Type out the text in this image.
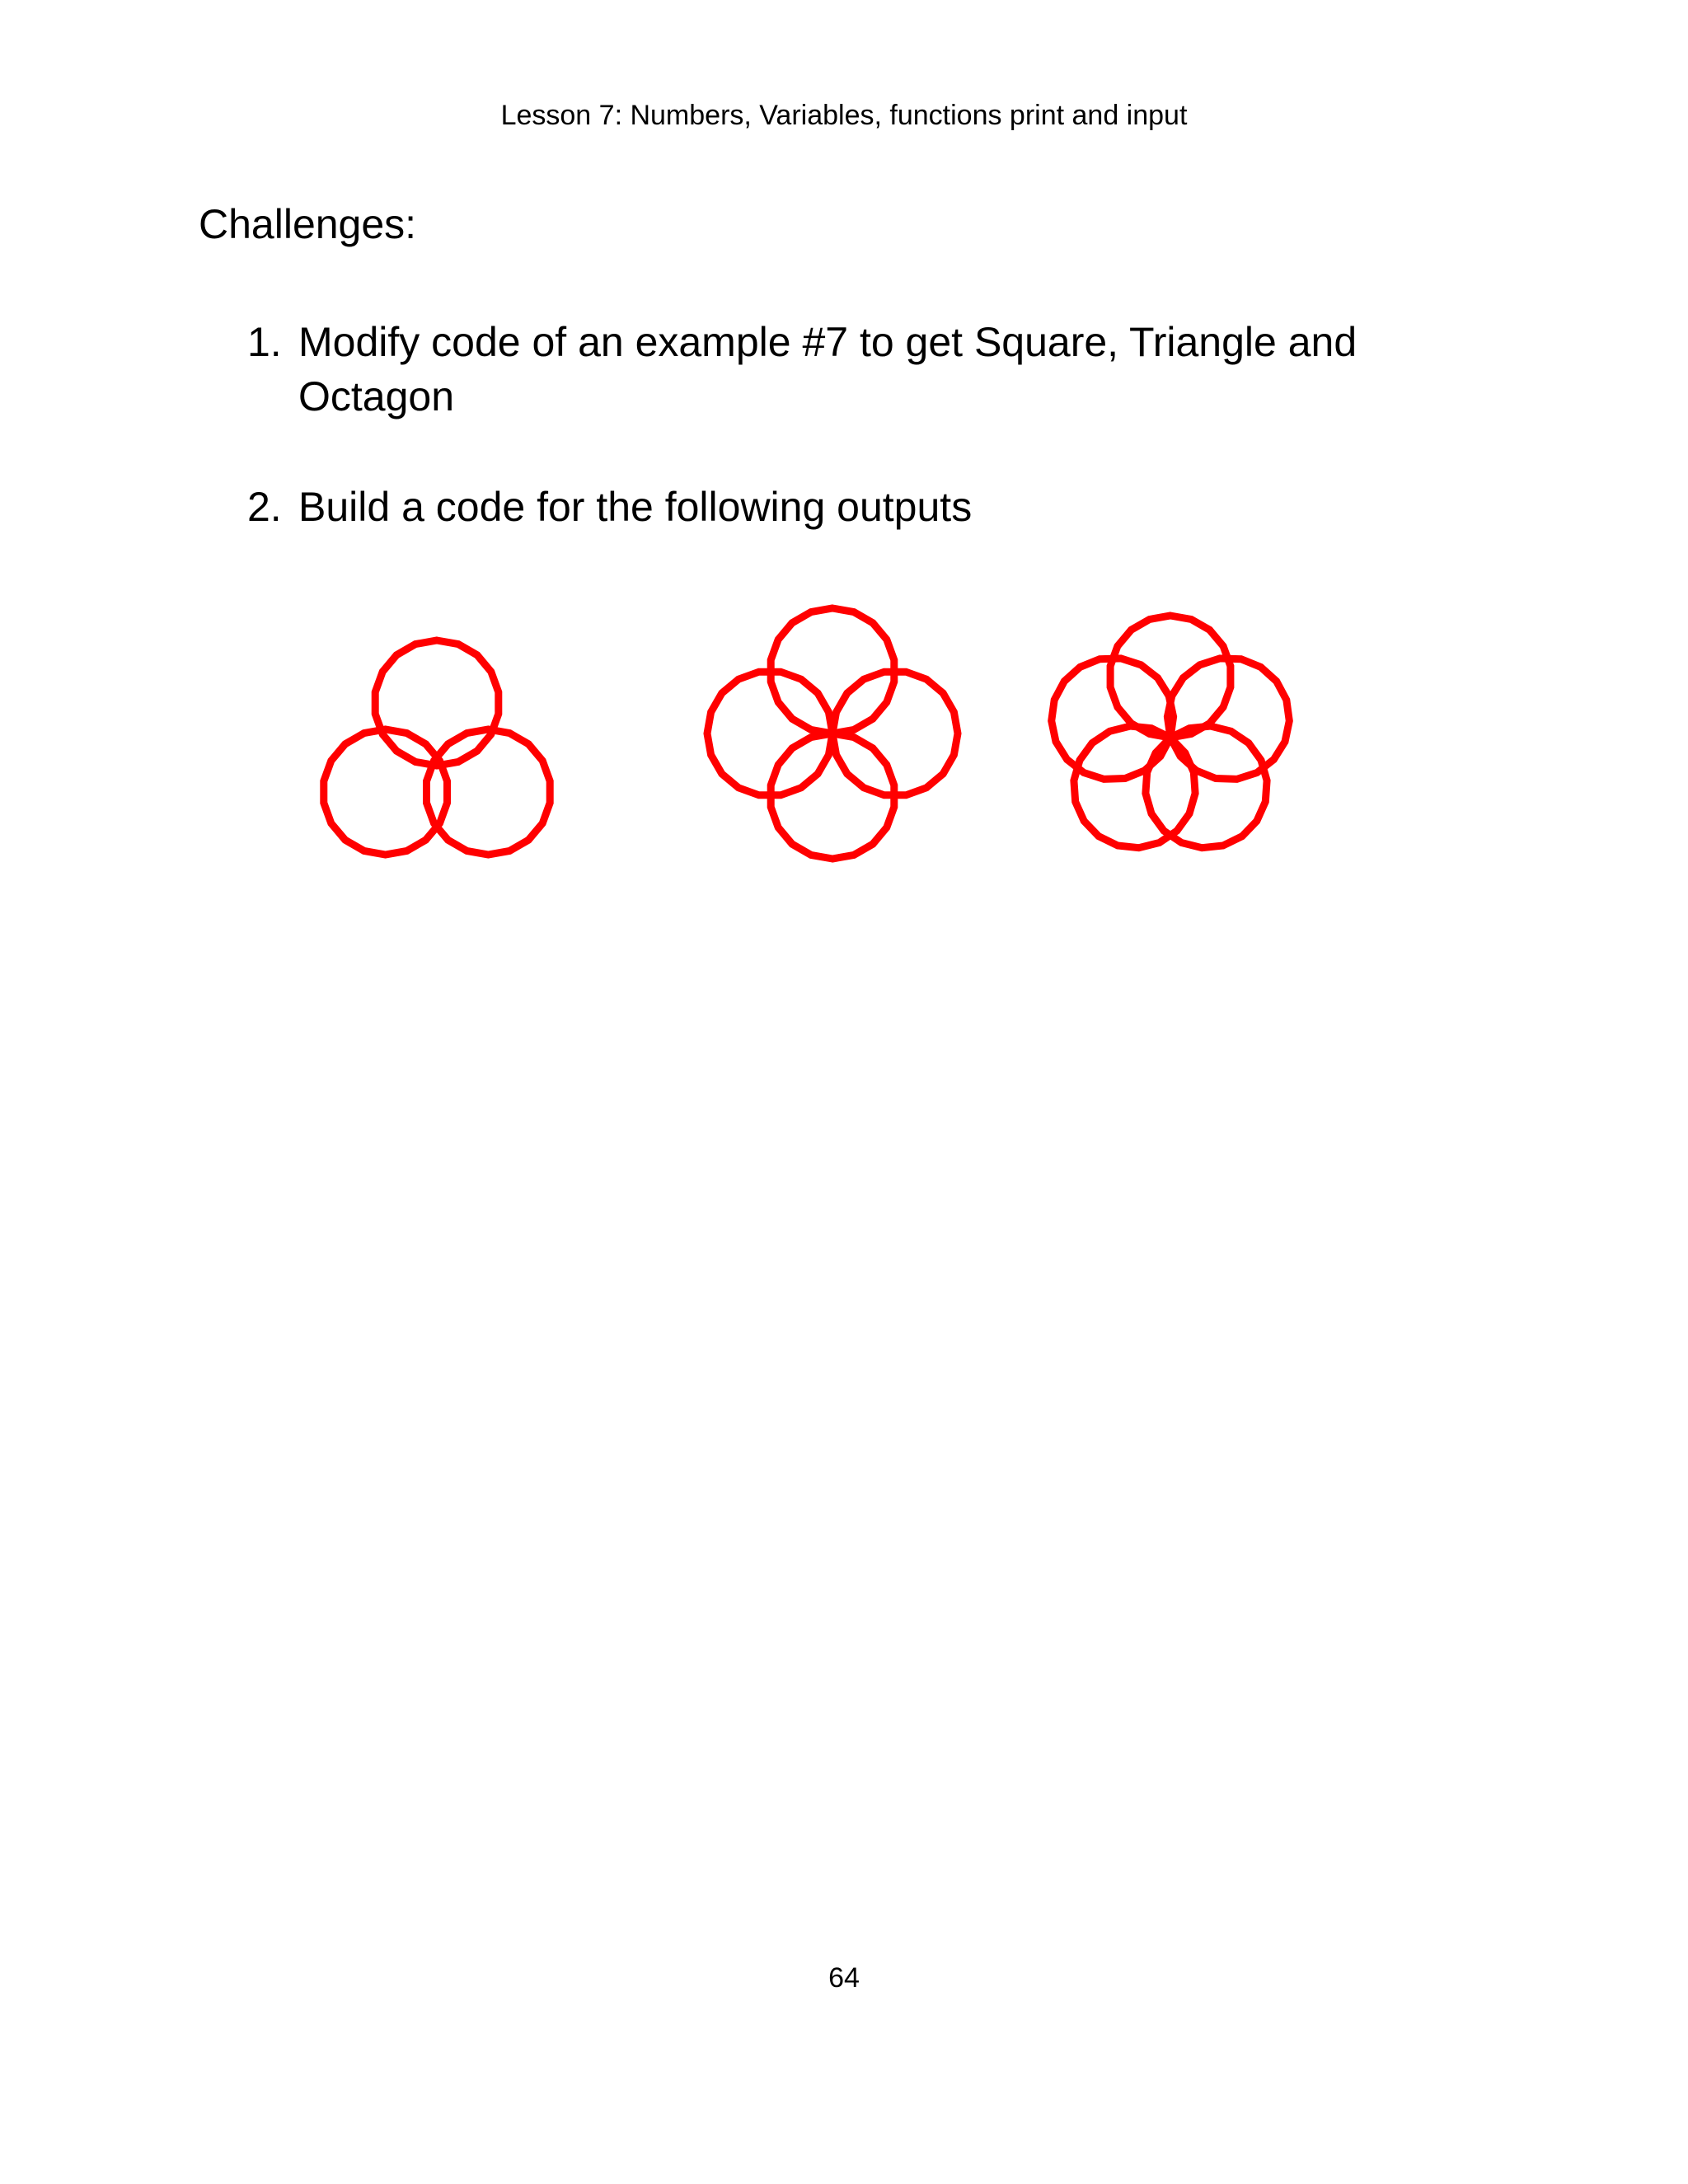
Lesson 7: Numbers, Variables, functions print and input
Challenges:
1. Modify code of an example #7 to get Square, Triangle and Octagon
2. Build a code for the following outputs
64
